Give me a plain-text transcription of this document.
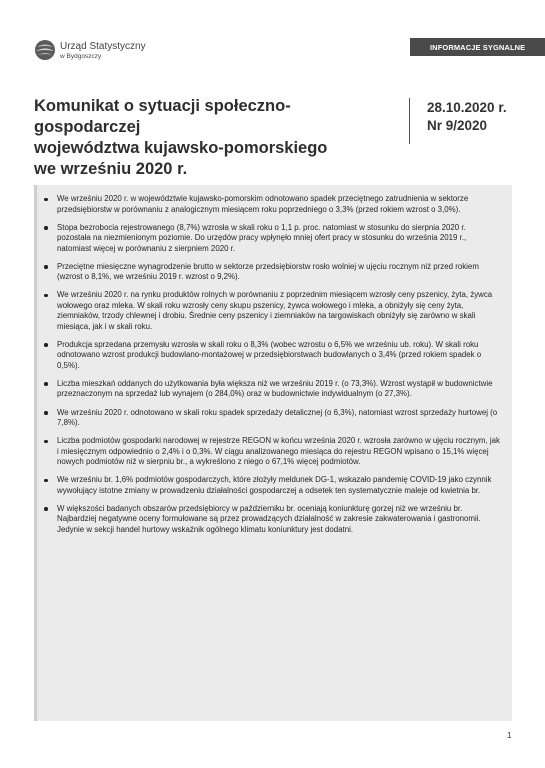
Urząd Statystyczny
w Bydgoszczy
INFORMACJE SYGNALNE
Komunikat o sytuacji społeczno-gospodarczej
województwa kujawsko-pomorskiego
we wrześniu 2020 r.
28.10.2020 r.
Nr 9/2020
We wrześniu 2020 r. w województwie kujawsko-pomorskim odnotowano spadek przeciętnego zatrudnienia w sektorze przedsiębiorstw w porównaniu z analogicznym miesiącem roku poprzedniego o 3,3% (przed rokiem wzrost o 3,0%).
Stopa bezrobocia rejestrowanego (8,7%) wzrosła w skali roku o 1,1 p. proc. natomiast w stosunku do sierpnia 2020 r. pozostała na niezmienionym poziomie. Do urzędów pracy wpłynęło mniej ofert pracy w stosunku do września 2019 r., natomiast więcej w porównaniu z sierpniem 2020 r.
Przeciętne miesięczne wynagrodzenie brutto w sektorze przedsiębiorstw rosło wolniej w ujęciu rocznym niż przed rokiem (wzrost o 8,1%, we wrześniu 2019 r. wzrost o 9,2%).
We wrześniu 2020 r. na rynku produktów rolnych w porównaniu z poprzednim miesiącem wzrosły ceny pszenicy, żyta, żywca wołowego oraz mleka. W skali roku wzrosły ceny skupu pszenicy, żywca wołowego i mleka, a obniżyły się ceny żyta, ziemniaków, trzody chlewnej i drobiu. Średnie ceny pszenicy i ziemniaków na targowiskach obniżyły się zarówno w skali miesiąca, jak i w skali roku.
Produkcja sprzedana przemysłu wzrosła w skali roku o 8,3% (wobec wzrostu o 6,5% we wrześniu ub. roku). W skali roku odnotowano wzrost produkcji budowlano-montażowej w przedsiębiorstwach budowlanych o 3,4% (przed rokiem spadek o 0,5%).
Liczba mieszkań oddanych do użytkowania była większa niż we wrześniu 2019 r. (o 73,3%). Wzrost wystąpił w budownictwie przeznaczonym na sprzedaż lub wynajem (o 284,0%) oraz w budownictwie indywidualnym (o 27,3%).
We wrześniu 2020 r. odnotowano w skali roku spadek sprzedaży detalicznej (o 6,3%), natomiast wzrost sprzedaży hurtowej (o 7,8%).
Liczba podmiotów gospodarki narodowej w rejestrze REGON w końcu września 2020 r. wzrosła zarówno w ujęciu rocznym, jak i miesięcznym odpowiednio o 2,4% i o 0,3%. W ciągu analizowanego miesiąca do rejestru REGON wpisano o 15,1% więcej nowych podmiotów niż w sierpniu br., a wykreślono z niego o 67,1% więcej podmiotów.
We wrześniu br. 1,6% podmiotów gospodarczych, które złożyły meldunek DG-1, wskazało pandemię COVID-19 jako czynnik wywołujący istotne zmiany w prowadzeniu działalności gospodarczej a odsetek ten systematycznie maleje od kwietnia br.
W większości badanych obszarów przedsiębiorcy w październiku br. oceniają koniunkturę gorzej niż we wrześniu br. Najbardziej negatywne oceny formułowane są przez prowadzących działalność w zakresie zakwaterowania i gastronomii. Jedynie w sekcji handel hurtowy wskaźnik ogólnego klimatu koniunktury jest dodatni.
1
